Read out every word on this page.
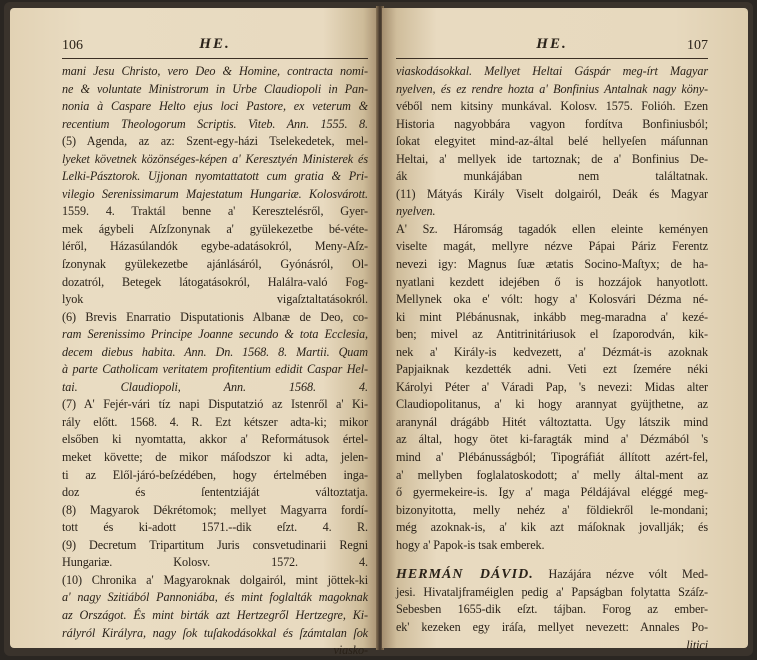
106	HE.
mani Jesu Christo, vero Deo & Homine, contracta nomi-
ne & voluntate Ministrorum in Urbe Claudiopoli in Pan-
nonia à Caspare Helto ejus loci Pastore, ex veterum &
recentium Theologorum Scriptis. Viteb. Ann. 1555. 8.
(5) Agenda, az az: Szent-egy-házi Tselekedetek, mel-
lyeket követnek közönséges-képen a' Keresztyén Ministerek és
Lelki-Pásztorok. Ujjonan nyomtattatott cum gratia & Pri-
vilegio Serenissimarum Majestatum Hungariæ. Kolosvárott.
1559. 4. Traktál benne a' Keresztelésről, Gyer-
mek ágybeli Aſzſzonynak a' gyülekezetbe bé-véte-
léről, Házasúlandók egybe-adatásokról, Meny-Aſz-
ſzonynak gyülekezetbe ajánlásáról, Gyónásról, Ol-
dozatról, Betegek látogatásokról, Halálra-való Fog-
lyok vigaſztaltatásokról.
(6) Brevis Enarratio Disputationis Albanæ de Deo, co-
ram Serenissimo Principe Joanne secundo & tota Ecclesia,
decem diebus habita. Ann. Dn. 1568. 8. Martii. Quam
à parte Catholicam veritatem profitentium edidit Caspar Hel-
tai. Claudiopoli, Ann. 1568. 4.
(7) A' Fejér-vári tíz napi Disputatzió az Istenről a' Ki-
rály előtt. 1568. 4. R. Ezt kétszer adta-ki; mikor
elsőben ki nyomtatta, akkor a' Reformátusok értel-
meket követte; de mikor máſodszor ki adta, jelen-
ti az Elől-járó-beſzédében, hogy értelmében inga-
doz és ſententziáját változtatja.
(8) Magyarok Dékrétomok; mellyet Magyarra fordí-
tott és ki-adott 1571.--dik eſzt. 4. R.
(9) Decretum Tripartitum Juris consvetudinarii Regni
Hungariæ. Kolosv. 1572. 4.
(10) Chronika a' Magyaroknak dolgairól, mint jöttek-ki
a' nagy Szitiából Pannoniába, és mint foglalták magoknak
az Országot. És mint birták azt Hertzegről Hertzegre, Ki-
rályról Királyra, nagy ſok tuſakodásokkal és ſzámtalan ſok
viasko-
HE.	107
viaskodásokkal. Mellyet Heltai Gáspár meg-írt Magyar
nyelven, és ez rendre hozta a' Bonfinius Antalnak nagy köny-
véből nem kitsiny munkával. Kolosv. 1575. Folióh. Ezen
Historia nagyobbára vagyon fordítva Bonfiniusból;
ſokat elegyitet mind-az-által belé hellyeſen máſunnan
Heltai, a' mellyek ide tartoznak; de a' Bonfinius De-
ák munkájában nem találtatnak.
(11) Mátyás Király Viselt dolgairól, Deák és Magyar
nyelven.
A' Sz. Háromság tagadók ellen eleinte keményen
viselte magát, mellyre nézve Pápai Páriz Ferentz
nevezi igy: Magnus ſuæ ætatis Socino-Maſtyx; de ha-
nyatlani kezdett idejében ő is hozzájok hanyotlott.
Mellynek oka e' vólt: hogy a' Kolosvári Dézma né-
ki mint Plébánusnak, inkább meg-maradna a' kezé-
ben; mivel az Antitrinitáriusok el ſzaporodván, kik-
nek a' Király-is kedvezett, a' Dézmát-is azoknak
Papjaiknak kezdették adni. Veti ezt ſzemére néki
Károlyi Péter a' Váradi Pap, 's nevezi: Midas alter
Claudiopolitanus, a' ki hogy arannyat gyüjthetne, az
aranynál drágább Hitét változtatta. Ugy látszik mind
az által, hogy ötet ki-faragták mind a' Dézmából 's
mind a' Plébánusságból; Tipográfiát állított azért-fel,
a' mellyben foglalatoskodott; a' melly által-ment az
ő gyermekeire-is. Igy a' maga Példájával eléggé meg-
bizonyitotta, melly nehéz a' földiekről le-mondani;
még azoknak-is, a' kik azt máſoknak jovallják; és
hogy a' Papok-is tsak emberek.
HERMÁN DÁVID. Hazájára nézve vólt Med-
jesi. Hivataljframéiglen pedig a' Papságban folytatta Száſz-
Sebesben 1655-dik eſzt. tájban. Forog az ember-
ek' kezeken egy iráſa, mellyet nevezett: Annales Po-
litici
